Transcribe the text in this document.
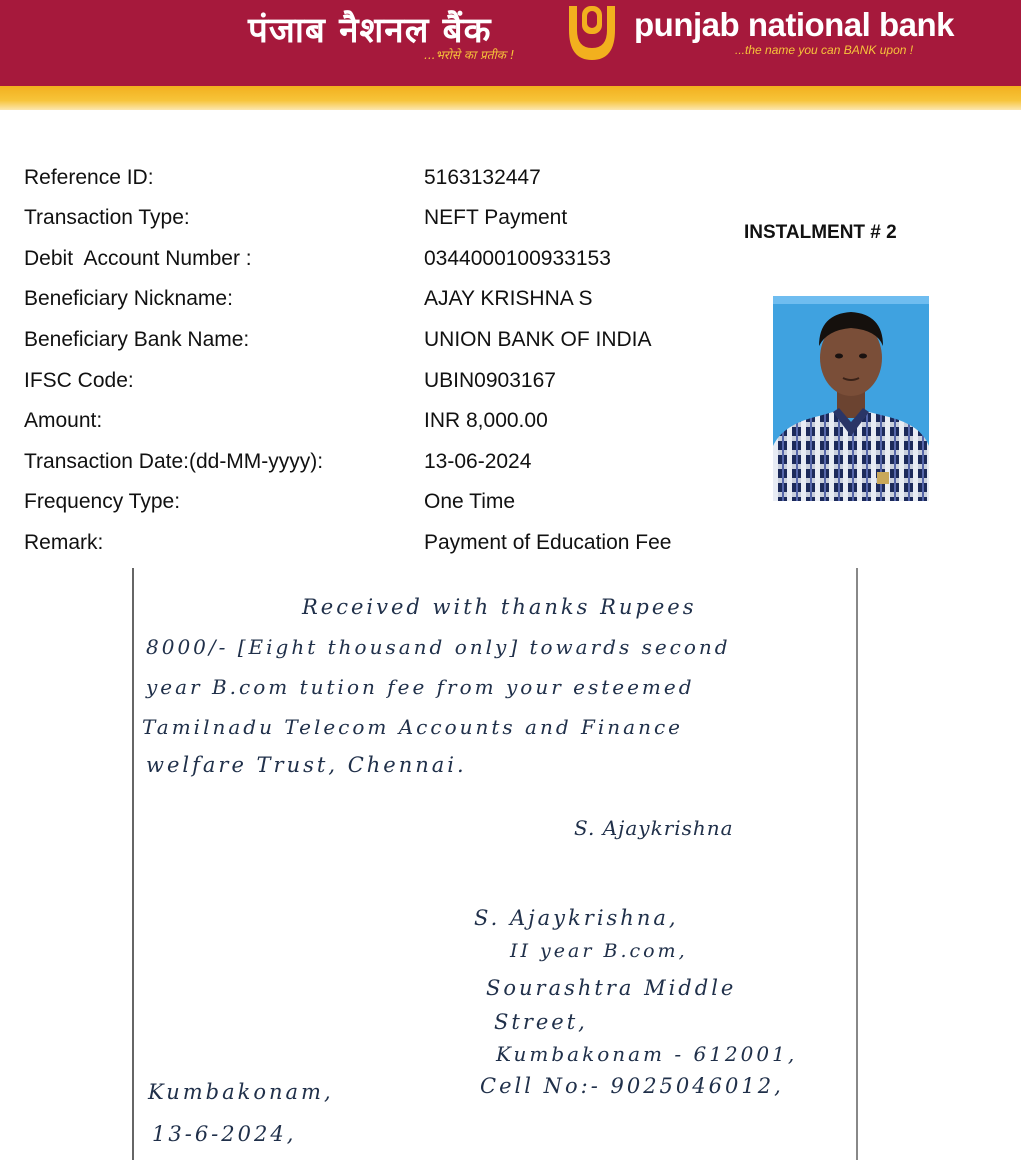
पंजाब नैशनल बैंक
...भरोसे का प्रतीक !
punjab national bank
...the name you can BANK upon !
Reference ID:	5163132447
Transaction Type:	NEFT Payment
Debit  Account Number :	0344000100933153
Beneficiary Nickname:	AJAY KRISHNA S
Beneficiary Bank Name:	UNION BANK OF INDIA
IFSC Code:	UBIN0903167
Amount:	INR 8,000.00
Transaction Date:(dd-MM-yyyy):	13-06-2024
Frequency Type:	One Time
Remark:	Payment of Education Fee
INSTALMENT # 2
Received with thanks Rupees
8000/- [Eight thousand only] towards second
year B.com tution fee from your esteemed
Tamilnadu Telecom Accounts and Finance
welfare Trust, Chennai.
S. Ajaykrishna
S. Ajaykrishna,
II year B.com,
Sourashtra Middle
Street,
Kumbakonam - 612001,
Cell No:- 9025046012,
Kumbakonam,
13-6-2024,
